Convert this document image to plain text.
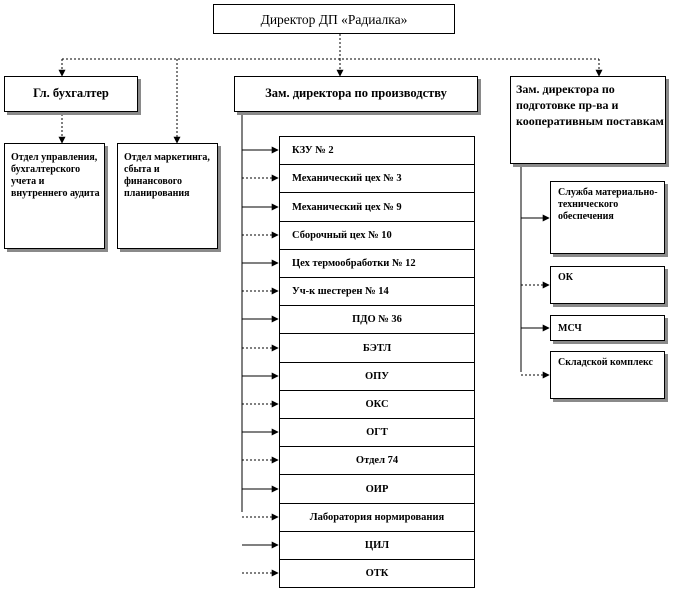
Директор ДП «Радиалка»
Гл. бухгалтер
Отдел управления, бухгалтерского учета и внутреннего аудита
Отдел маркетинга, сбыта и финансового планирования
Зам. директора по производству
КЗУ № 2
Механический цех № 3
Механический цех № 9
Сборочный цех № 10
Цех термообработки № 12
Уч-к шестерен № 14
ПДО № 36
БЭТЛ
ОПУ
ОКС
ОГТ
Отдел 74
ОИР
Лаборатория нормирования
ЦИЛ
ОТК
Зам. директора по подготовке пр-ва и кооперативным поставкам
Служба материально-технического обеспечения
ОК
МСЧ
Складской комплекс
